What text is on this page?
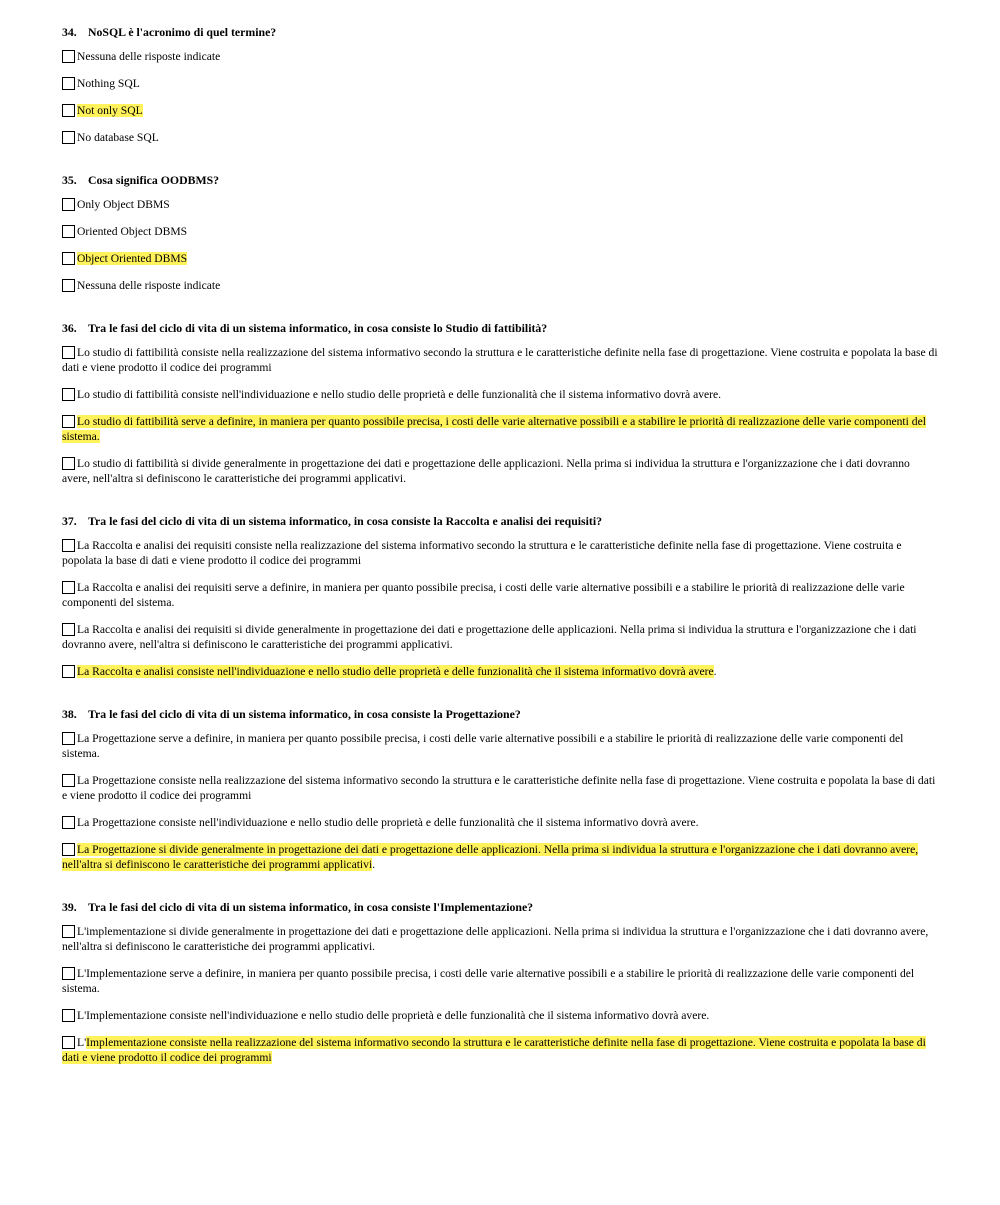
34. NoSQL è l'acronimo di quel termine?
Nessuna delle risposte indicate
Nothing SQL
Not only SQL
No database SQL
35. Cosa significa OODBMS?
Only Object DBMS
Oriented Object DBMS
Object Oriented DBMS
Nessuna delle risposte indicate
36. Tra le fasi del ciclo di vita di un sistema informatico, in cosa consiste lo Studio di fattibilità?
Lo studio di fattibilità consiste nella realizzazione del sistema informativo secondo la struttura e le caratteristiche definite nella fase di progettazione. Viene costruita e popolata la base di dati e viene prodotto il codice dei programmi
Lo studio di fattibilità consiste nell'individuazione e nello studio delle proprietà e delle funzionalità che il sistema informativo dovrà avere.
Lo studio di fattibilità serve a definire, in maniera per quanto possibile precisa, i costi delle varie alternative possibili e a stabilire le priorità di realizzazione delle varie componenti del sistema.
Lo studio di fattibilità si divide generalmente in progettazione dei dati e progettazione delle applicazioni. Nella prima si individua la struttura e l'organizzazione che i dati dovranno avere, nell'altra si definiscono le caratteristiche dei programmi applicativi.
37. Tra le fasi del ciclo di vita di un sistema informatico, in cosa consiste la Raccolta e analisi dei requisiti?
La Raccolta e analisi dei requisiti consiste nella realizzazione del sistema informativo secondo la struttura e le caratteristiche definite nella fase di progettazione. Viene costruita e popolata la base di dati e viene prodotto il codice dei programmi
La Raccolta e analisi dei requisiti serve a definire, in maniera per quanto possibile precisa, i costi delle varie alternative possibili e a stabilire le priorità di realizzazione delle varie componenti del sistema.
La Raccolta e analisi dei requisiti si divide generalmente in progettazione dei dati e progettazione delle applicazioni. Nella prima si individua la struttura e l'organizzazione che i dati dovranno avere, nell'altra si definiscono le caratteristiche dei programmi applicativi.
La Raccolta e analisi consiste nell'individuazione e nello studio delle proprietà e delle funzionalità che il sistema informativo dovrà avere.
38. Tra le fasi del ciclo di vita di un sistema informatico, in cosa consiste la Progettazione?
La Progettazione serve a definire, in maniera per quanto possibile precisa, i costi delle varie alternative possibili e a stabilire le priorità di realizzazione delle varie componenti del sistema.
La Progettazione consiste nella realizzazione del sistema informativo secondo la struttura e le caratteristiche definite nella fase di progettazione. Viene costruita e popolata la base di dati e viene prodotto il codice dei programmi
La Progettazione consiste nell'individuazione e nello studio delle proprietà e delle funzionalità che il sistema informativo dovrà avere.
La Progettazione si divide generalmente in progettazione dei dati e progettazione delle applicazioni. Nella prima si individua la struttura e l'organizzazione che i dati dovranno avere, nell'altra si definiscono le caratteristiche dei programmi applicativi.
39. Tra le fasi del ciclo di vita di un sistema informatico, in cosa consiste l'Implementazione?
L'implementazione si divide generalmente in progettazione dei dati e progettazione delle applicazioni. Nella prima si individua la struttura e l'organizzazione che i dati dovranno avere, nell'altra si definiscono le caratteristiche dei programmi applicativi.
L'Implementazione serve a definire, in maniera per quanto possibile precisa, i costi delle varie alternative possibili e a stabilire le priorità di realizzazione delle varie componenti del sistema.
L'Implementazione consiste nell'individuazione e nello studio delle proprietà e delle funzionalità che il sistema informativo dovrà avere.
L'Implementazione consiste nella realizzazione del sistema informativo secondo la struttura e le caratteristiche definite nella fase di progettazione. Viene costruita e popolata la base di dati e viene prodotto il codice dei programmi
